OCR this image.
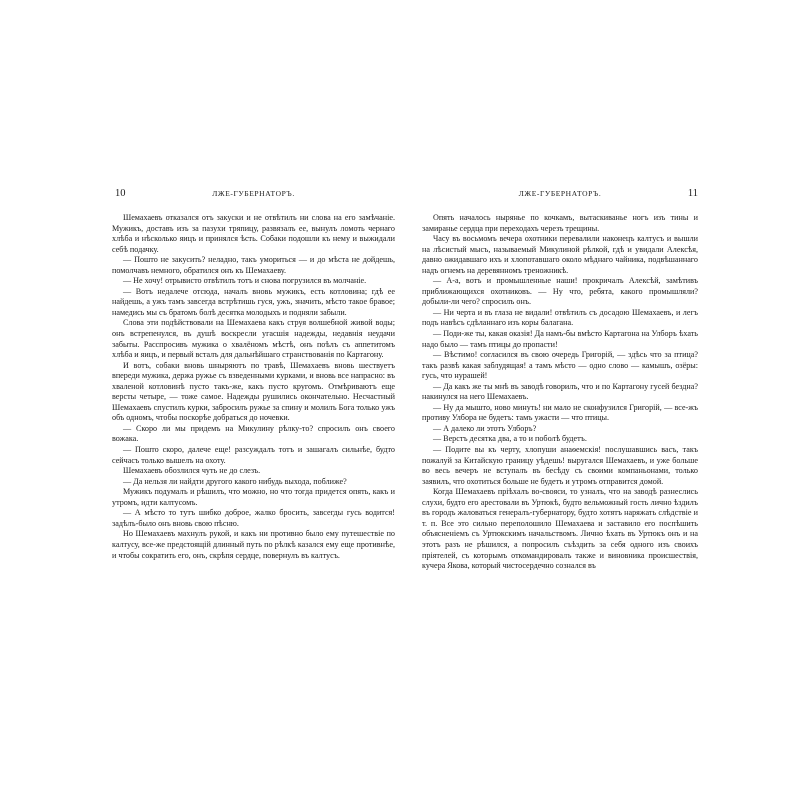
10	ЛЖЕ-ГУБЕРНАТОРЪ.

Шемахаевъ отказался отъ закуски и не отвѣтилъ ни слова на его замѣчаніе. Мужикъ, доставъ изъ за пазухи тряпицу, развязалъ ее, вынулъ ломоть чернаго хлѣба и нѣсколько яицъ и принялся ѣсть. Собаки подошли къ нему и выжидали себѣ подачку.

— Пошто не закусить? неладно, такъ умориться — и до мѣста не дойдешь, помолчавъ немного, обратился онъ къ Шемахаеву.

— Не хочу! отрывисто отвѣтилъ тотъ и снова погрузился въ молчаніе.

— Вотъ недалече отсюда, началъ вновь мужикъ, есть котловина; гдѣ ее найдешь, а ужъ тамъ завсегда встрѣтишь гуся, ужъ, значить, мѣсто такое бравое; намедись мы съ братомъ болѣ десятка молодыхъ и подняли забыли.

Слова эти подѣйствовали на Шемахаева какъ струя волшебной живой воды; онъ встрепенулся, въ душѣ воскресли угасшія надежды, недавнія неудачи забыты. Расспросивъ мужика о хвалёномъ мѣстѣ, онъ поѣлъ съ аппетитомъ хлѣба и яицъ, и первый всталъ для дальнѣйшаго странствованія по Картагону.

И вотъ, собаки вновь шныряютъ по травѣ, Шемахаевъ вновь шествуетъ впереди мужика, держа ружье съ взведенными курками, и вновь все напрасно: въ хваленой котловинѣ пусто такъ-же, какъ пусто кругомъ. Отмѣриваютъ еще версты четыре, — тоже самое. Надежды рушились окончательно. Несчастный Шемахаевъ спустилъ курки, забросилъ ружье за спину и молилъ Бога только ужъ объ одномъ, чтобы поскорѣе добраться до ночевки.

— Скоро ли мы придемъ на Микулину рѣлку-то? спросилъ онъ своего вожака.

— Пошто скоро, далече еще! разсуждалъ тотъ и зашагалъ сильнѣе, будто сейчасъ только вышелъ на охоту.

Шемахаевъ обозлился чуть не до слезъ.

— Да нельзя ли найдти другого какого нибудь выхода, поближе?

Мужикъ подумалъ и рѣшилъ, что можно, но что тогда придется опять, какъ и утромъ, идти калтусомъ.

— А мѣсто то тутъ шибко доброе, жалко бросить, завсегды гусь водится! задѣлъ-было онъ вновь свою пѣсню.

Но Шемахаевъ махнулъ рукой, и какъ ни противно было ему путешествіе по калтусу, все-же предстоящій длинный путь по рѣлкѣ казался ему еще противнѣе, и чтобы сократить его, онъ, скрѣпя сердце, повернулъ въ калтусъ.

ЛЖЕ-ГУБЕРНАТОРЪ.	11

Опять началось нырянье по кочкамъ, вытаскиванье ногъ изъ тины и замиранье сердца при переходахъ черезъ трещины.

Часу въ восьмомъ вечера охотники перевалили наконецъ калтусъ и вышли на лѣсистый мысъ, называемый Микулиной рѣлкой, гдѣ и увидали Алексѣя, давно ожидавшаго ихъ и хлопотавшаго около мѣднаго чайника, подвѣшаннаго надъ огнемъ на деревянномъ треножникѣ.

— А-а, вотъ и промышленные наши! прокричалъ Алексѣй, замѣтивъ приближающихся охотниковъ. — Ну что, ребята, какого промышляли? добыли-ли чего? спросилъ онъ.

— Ни черта и въ глаза не видали! отвѣтилъ съ досадою Шемахаевъ, и легъ подъ навѣсъ сдѣланнаго изъ коры балагана.

— Поди-же ты, какая оказія! Да намъ-бы вмѣсто Картагона на Улборъ ѣхать надо было — тамъ птицы до пропасти!

— Вѣстимо! согласился въ свою очередь Григорій, — здѣсь что за птица? такъ развѣ какая заблудящая! а тамъ мѣсто — одно слово — камышъ, озёры: гусь, что нурашей!

— Да какъ же ты мнѣ въ заводѣ говорилъ, что и по Картагону гусей бездна? накинулся на него Шемахаевъ.

— Ну да мышто, ново минуть! ни мало не сконфузился Григорій, — все-жъ противу Улбора не будетъ: тамъ ужасти — что птицы.

— А далеко ли этотъ Улборъ?

— Верстъ десятка два, а то и поболѣ будетъ.

— Подите вы къ черту, хлопуши анаѳемскія! послушавшись васъ, такъ пожалуй за Китайскую границу уѣдешь! выругался Шемахаевъ, и уже больше во весь вечеръ не вступалъ въ бесѣду съ своими компаньонами, только заявилъ, что охотиться больше не будетъ и утромъ отправится домой.

Когда Шемахаевъ пріѣхалъ во-свояси, то узналъ, что на заводѣ разнеслись слухи, будто его арестовали въ Уртюкѣ, будто вельможный гость лично ѣздилъ въ городъ жаловаться генералъ-губернатору, будто хотятъ наряжать слѣдствіе и т. п. Все это сильно переполошило Шемахаева и заставило его поспѣшить объясненіемъ съ Уртюкскимъ начальствомъ. Лично ѣхать въ Уртюкъ онъ и на этотъ разъ не рѣшился, а попросилъ съѣздить за себя одного изъ своихъ пріятелей, съ которымъ откомандировалъ также и виновника происшествія, кучера Якова, который чистосердечно сознался въ
